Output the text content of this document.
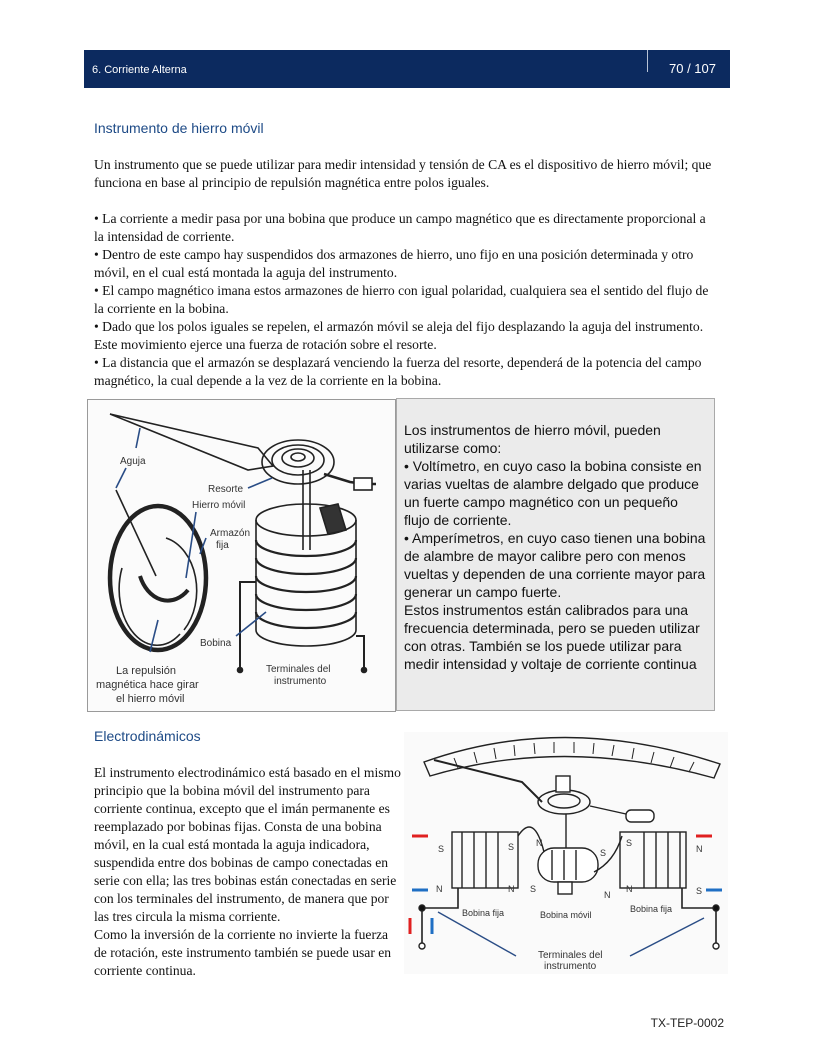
6. Corriente Alterna	70 / 107
Instrumento de hierro móvil

Un instrumento que se puede utilizar para medir intensidad y tensión de CA es el dispositivo de hierro móvil; que funciona en base al principio de repulsión magnética entre polos iguales.

• La corriente a medir pasa por una bobina que produce un campo magnético que es directamente proporcional a la intensidad de corriente.

• Dentro de este campo hay suspendidos dos armazones de hierro, uno fijo en una posición determinada y otro móvil, en el cual está montada la aguja del instrumento.

• El campo magnético imana estos armazones de hierro con igual polaridad, cualquiera sea el sentido del flujo de la corriente en la bobina.

• Dado que los polos iguales se repelen, el armazón móvil se aleja del fijo desplazando la aguja del instrumento. Este movimiento ejerce una fuerza de rotación sobre el resorte.

• La distancia que el armazón se desplazará venciendo la fuerza del resorte, dependerá de la potencia del campo magnético, la cual depende a la vez de la corriente en la bobina.

Aguja
Resorte
Hierro móvil
Armazón
fija
Bobina
Terminales del
instrumento
La repulsión
magnética hace girar
el hierro móvil

Los instrumentos de hierro móvil, pueden utilizarse como:

• Voltímetro, en cuyo caso la bobina consiste en varias vueltas de alambre delgado que produce un fuerte campo magnético con un pequeño flujo de corriente.

• Amperímetros, en cuyo caso tienen una bobina de alambre de mayor calibre pero con menos vueltas y dependen de una corriente mayor para generar un campo fuerte.

Estos instrumentos están calibrados para una frecuencia determinada, pero se pueden utilizar con otras. También se los puede utilizar para medir intensidad y voltaje de corriente continua

Electrodinámicos

El instrumento electrodinámico está basado en el mismo principio que la bobina móvil del instrumento para corriente continua, excepto que el imán permanente es reemplazado por bobinas fijas. Consta de una bobina móvil, en la cual está montada la aguja indicadora, suspendida entre dos bobinas de campo conectadas en serie con ella; las tres bobinas están conectadas en serie con los terminales del instrumento, de manera que por las tres circula la misma corriente.

Como la inversión de la corriente no invierte la fuerza de rotación, este instrumento también se puede usar en corriente continua.

S
N
S
N
N
S
S
N
S
N
N
S
Bobina fija	Bobina móvil
Bobina fija
Terminales del
instrumento
TX-TEP-0002
